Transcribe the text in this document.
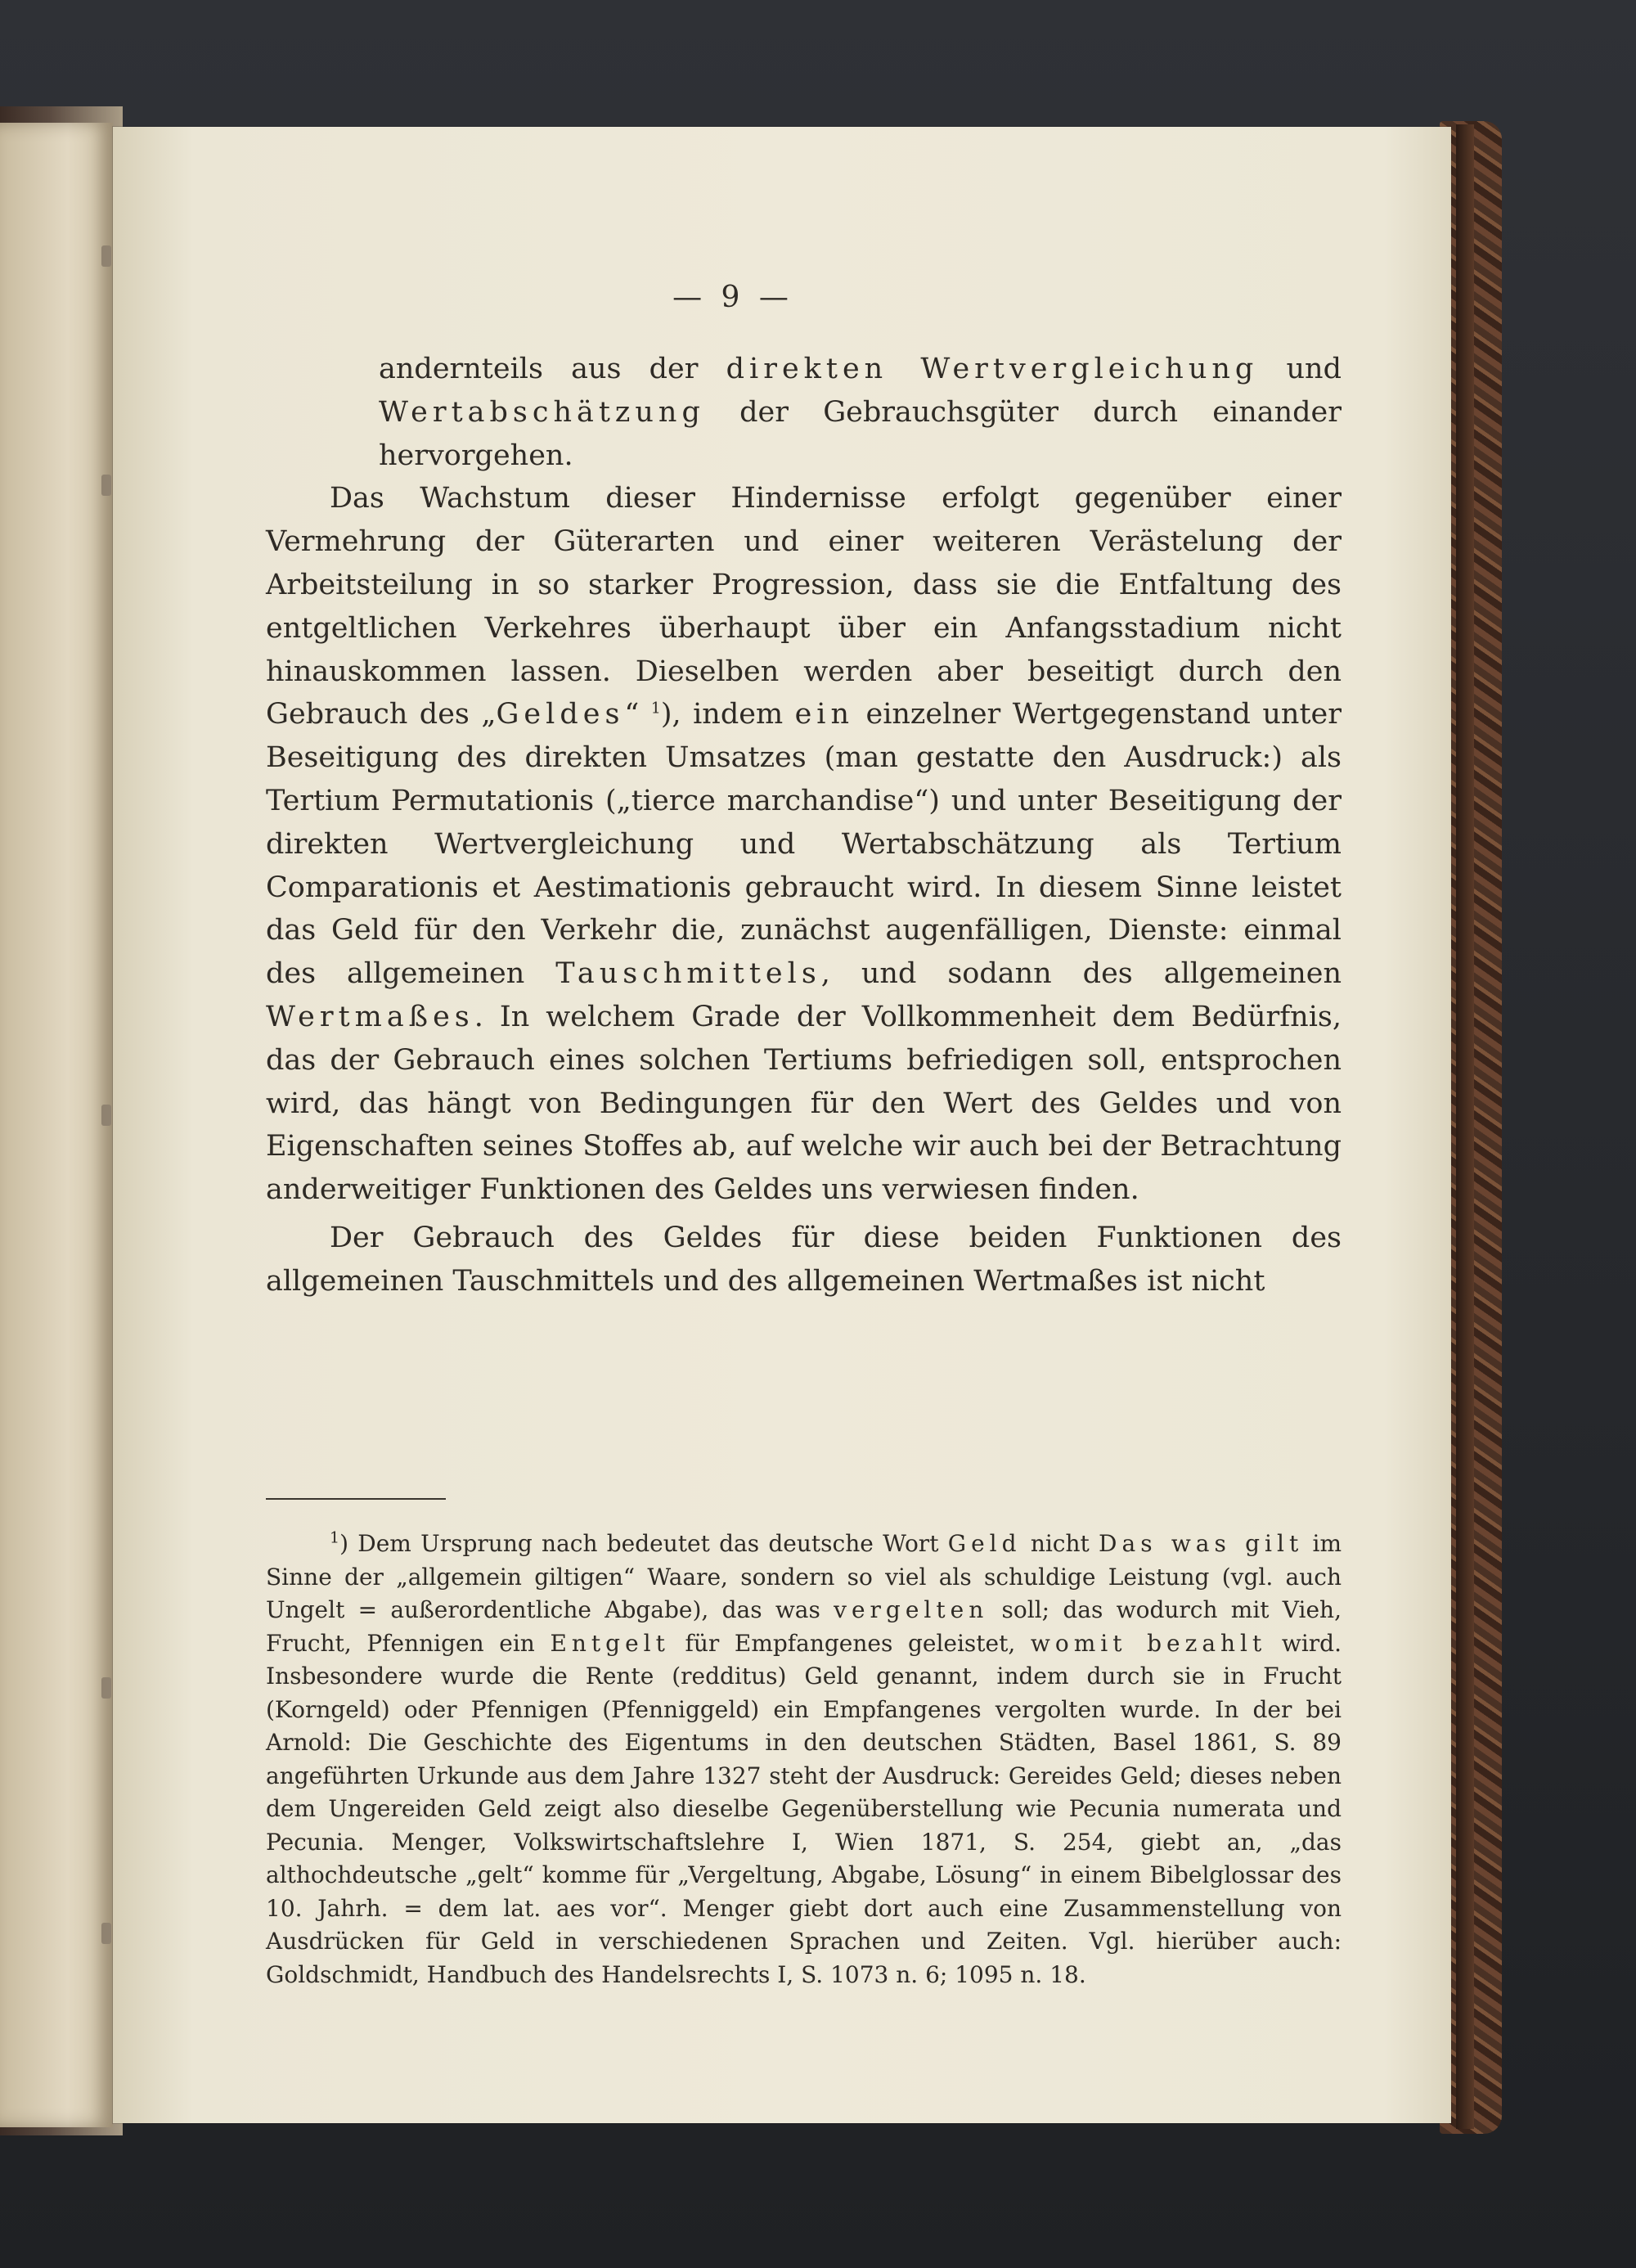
— 9 —

andernteils aus der direkten Wertvergleichung und Wertabschätzung der Gebrauchsgüter durch einander hervorgehen.

Das Wachstum dieser Hindernisse erfolgt gegenüber einer Vermehrung der Güterarten und einer weiteren Verästelung der Arbeitsteilung in so starker Progression, dass sie die Entfaltung des entgeltlichen Verkehres überhaupt über ein Anfangsstadium nicht hinauskommen lassen. Dieselben werden aber beseitigt durch den Gebrauch des „Geldes“ $^1$), indem ein einzelner Wertgegenstand unter Beseitigung des direkten Umsatzes (man gestatte den Ausdruck:) als Tertium Permutationis („tierce marchandise“) und unter Beseitigung der direkten Wertvergleichung und Wertabschätzung als Tertium Comparationis et Aestimationis gebraucht wird. In diesem Sinne leistet das Geld für den Verkehr die, zunächst augenfälligen, Dienste: einmal des allgemeinen Tauschmittels, und sodann des allgemeinen Wertmaßes. In welchem Grade der Vollkommenheit dem Bedürfnis, das der Gebrauch eines solchen Tertiums befriedigen soll, entsprochen wird, das hängt von Bedingungen für den Wert des Geldes und von Eigenschaften seines Stoffes ab, auf welche wir auch bei der Betrachtung anderweitiger Funktionen des Geldes uns verwiesen finden.

Der Gebrauch des Geldes für diese beiden Funktionen des allgemeinen Tauschmittels und des allgemeinen Wertmaßes ist nicht

$^1$) Dem Ursprung nach bedeutet das deutsche Wort Geld nicht Das was gilt im Sinne der „allgemein giltigen“ Waare, sondern so viel als schuldige Leistung (vgl. auch Ungelt = außerordentliche Abgabe), das was vergelten soll; das wodurch mit Vieh, Frucht, Pfennigen ein Entgelt für Empfangenes geleistet, womit bezahlt wird. Insbesondere wurde die Rente (redditus) Geld genannt, indem durch sie in Frucht (Korngeld) oder Pfennigen (Pfenniggeld) ein Empfangenes vergolten wurde. In der bei Arnold: Die Geschichte des Eigentums in den deutschen Städten, Basel 1861, S. 89 angeführten Urkunde aus dem Jahre 1327 steht der Ausdruck: Gereides Geld; dieses neben dem Ungereiden Geld zeigt also dieselbe Gegenüberstellung wie Pecunia numerata und Pecunia. Menger, Volkswirtschaftslehre I, Wien 1871, S. 254, giebt an, „das althochdeutsche „gelt“ komme für „Vergeltung, Abgabe, Lösung“ in einem Bibelglossar des 10. Jahrh. = dem lat. aes vor“. Menger giebt dort auch eine Zusammenstellung von Ausdrücken für Geld in verschiedenen Sprachen und Zeiten. Vgl. hierüber auch: Goldschmidt, Handbuch des Handelsrechts I, S. 1073 n. 6; 1095 n. 18.
